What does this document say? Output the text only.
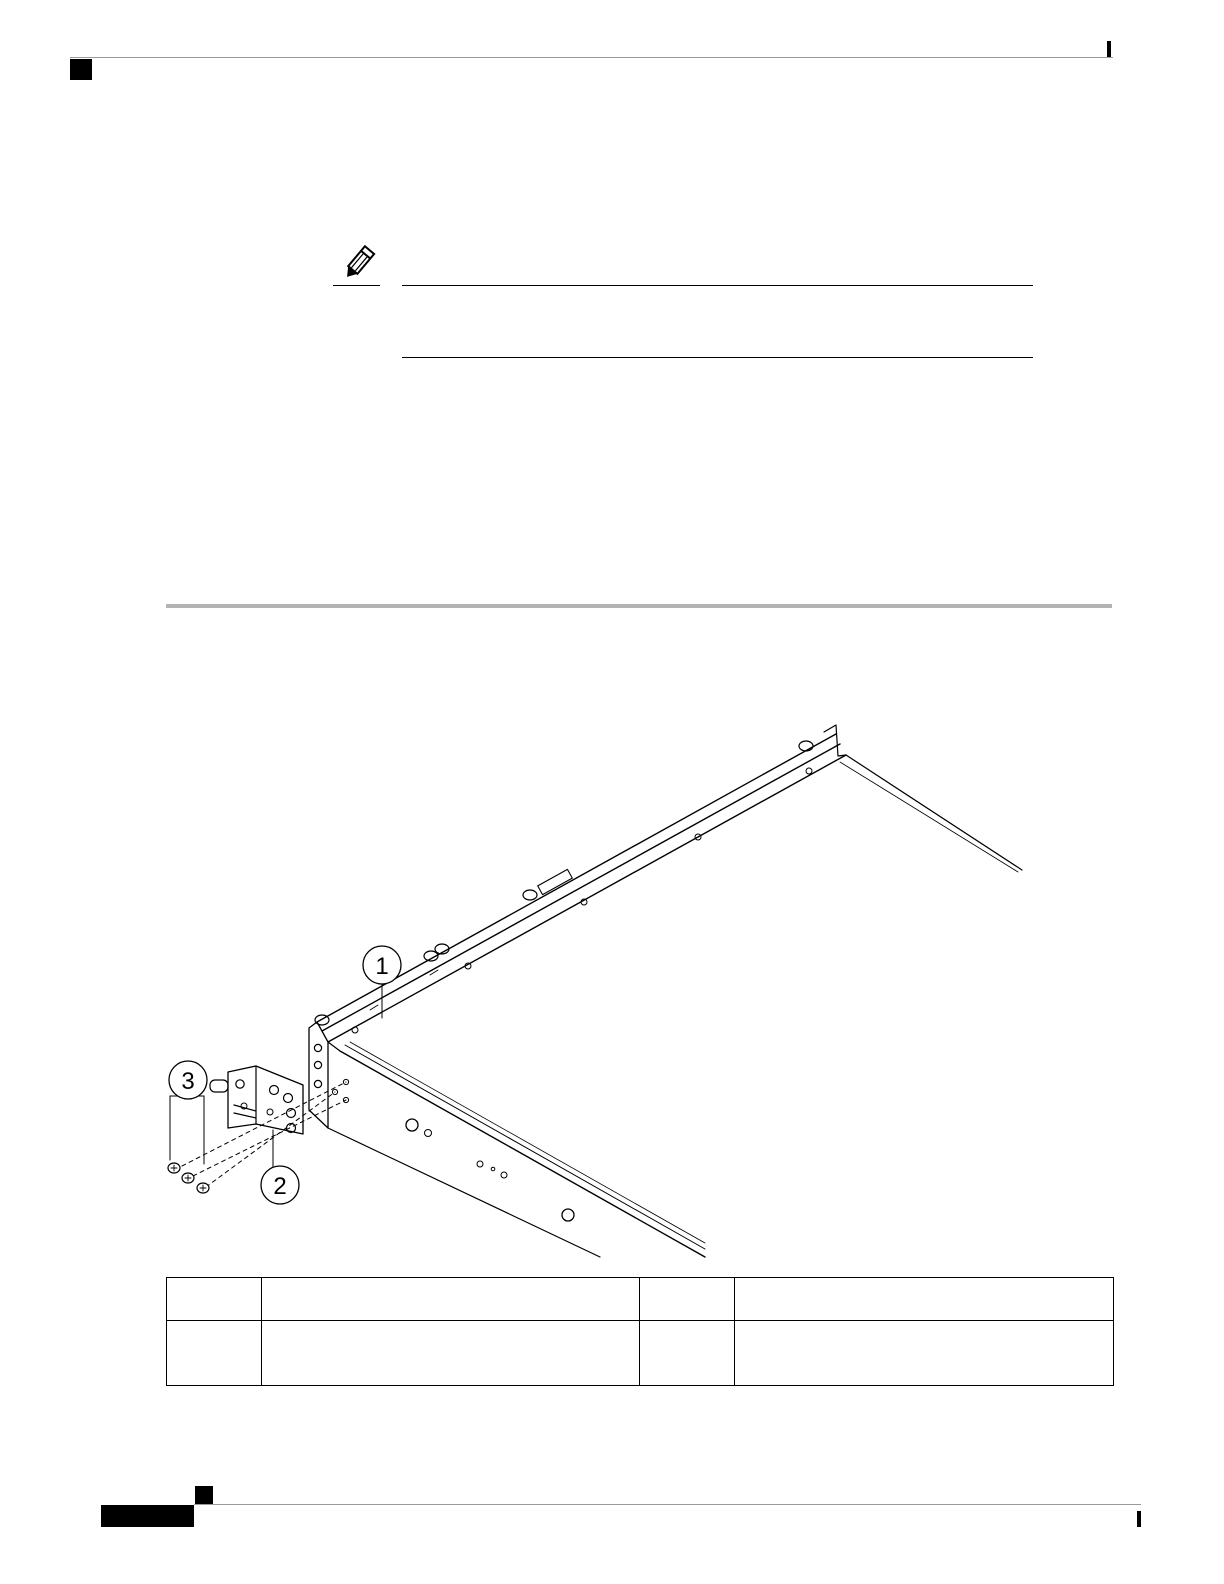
1
3
2
